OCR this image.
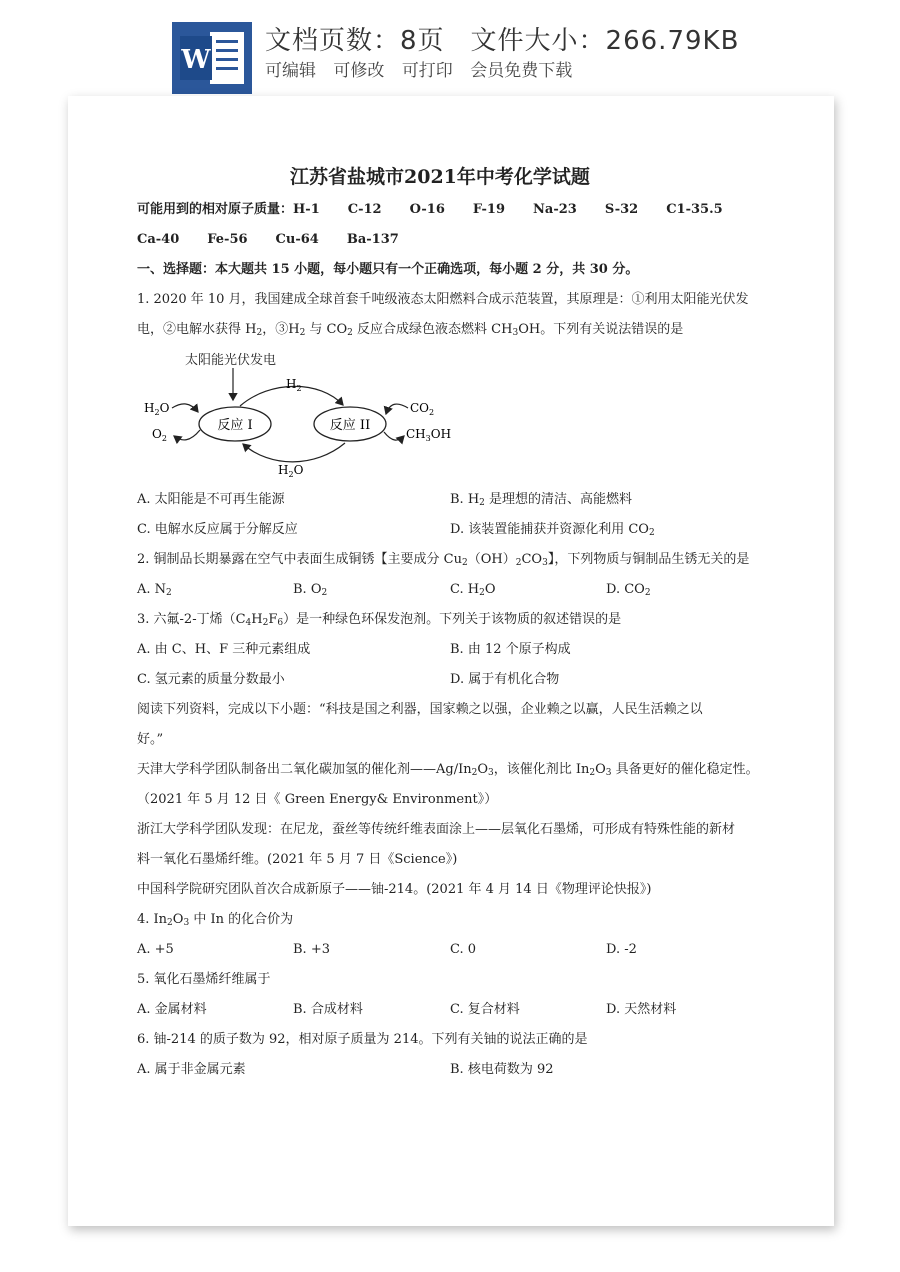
W
文档页数：8页 文件大小：266.79KB
可编辑 可修改 可打印 会员免费下载
江苏省盐城市2021年中考化学试题
可能用到的相对原子质量：H-1 C-12 O-16 F-19 Na-23 S-32 C1-35.5
Ca-40 Fe-56 Cu-64 Ba-137
一、选择题：本大题共 15 小题，每小题只有一个正确选项，每小题 2 分，共 30 分。
1. 2020 年 10 月，我国建成全球首套千吨级液态太阳燃料合成示范装置，其原理是：①利用太阳能光伏发
电，②电解水获得 $H_2$，$③H_2$ 与 $CO_2$ 反应合成绿色液态燃料 $CH_3OH$。下列有关说法错误的是
太阳能光伏发电
反应 I	反应 II
$H_2$
$H_2O$
$H_2O$
$O_2$
$CO_2$
$CH_3OH$
A. 太阳能是不可再生能源	B. $H_2$ 是理想的清洁、高能燃料
C. 电解水反应属于分解反应	D. 该装置能捕获并资源化利用 $CO_2$
2. 铜制品长期暴露在空气中表面生成铜锈【主要成分 $Cu_2(OH)_2CO_3$】，下列物质与铜制品生锈无关的是
A. $N_2$	B. $O_2$	C. $H_2O$	D. $CO_2$
3. 六氟-2-丁烯$(C_4H_2F_6)$是一种绿色环保发泡剂。下列关于该物质的叙述错误的是
A. 由 C、H、F 三种元素组成	B. 由 12 个原子构成
C. 氢元素的质量分数最小	D. 属于有机化合物
阅读下列资料，完成以下小题：“科技是国之利器，国家赖之以强，企业赖之以赢，人民生活赖之以
好。”
天津大学科学团队制备出二氧化碳加氢的催化剂$——Ag/In_2O_3$，该催化剂比 $In_2O_3$ 具备更好的催化稳定性。
（2021 年 5 月 12 日《 Green Energy& Environment》）
浙江大学科学团队发现：在尼龙，蚕丝等传统纤维表面涂上——层氧化石墨烯，可形成有特殊性能的新材
料一氧化石墨烯纤维。(2021 年 5 月 7 日《Science》)
中国科学院研究团队首次合成新原子——铀-214。(2021 年 4 月 14 日《物理评论快报》)
4. $In_2O_3$ 中 In 的化合价为
A. +5	B. +3	C. 0	D. -2
5. 氧化石墨烯纤维属于
A. 金属材料	B. 合成材料	C. 复合材料	D. 天然材料
6. 铀-214 的质子数为 92，相对原子质量为 214。下列有关铀的说法正确的是
A. 属于非金属元素	B. 核电荷数为 92
